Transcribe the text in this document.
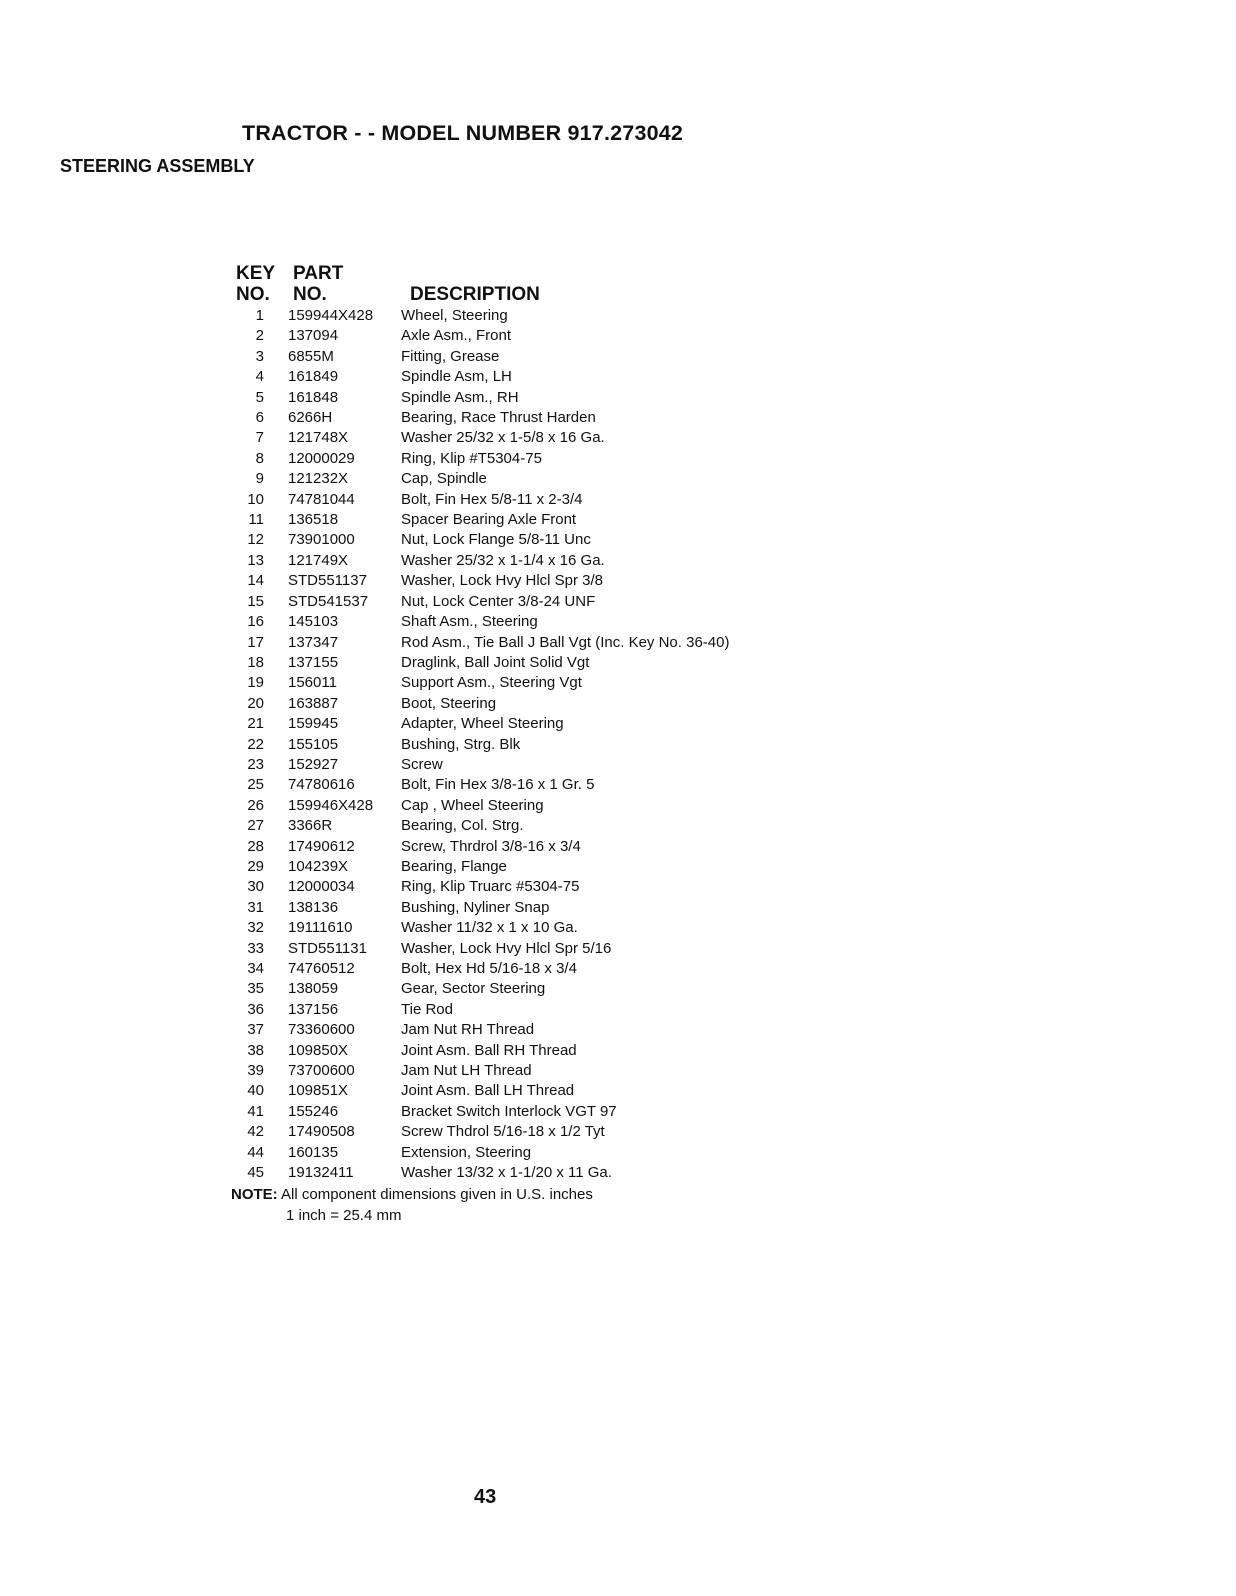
TRACTOR - - MODEL NUMBER 917.273042
STEERING ASSEMBLY
KEY PART
NO. NO.	DESCRIPTION
1 159944X428 Wheel, Steering
2 137094	Axle Asm., Front
3 6855M	Fitting, Grease
4 161849	Spindle Asm, LH
5 161848	Spindle Asm., RH
6 6266H	Bearing, Race Thrust Harden
7 121748X	Washer 25/32 x 1-5/8 x 16 Ga.
8 12000029	Ring, Klip #T5304-75
9 121232X	Cap, Spindle
10 74781044	Bolt, Fin Hex 5/8-11 x 2-3/4
11 136518	Spacer Bearing Axle Front
12 73901000	Nut, Lock Flange 5/8-11 Unc
13 121749X	Washer 25/32 x 1-1/4 x 16 Ga.
14 STD551137 Washer, Lock Hvy Hlcl Spr 3/8
15 STD541537 Nut, Lock Center 3/8-24 UNF
16 145103	Shaft Asm., Steering
17 137347	Rod Asm., Tie Ball J Ball Vgt (Inc. Key No. 36-40)
18 137155	Draglink, Ball Joint Solid Vgt
19 156011	Support Asm., Steering Vgt
20 163887	Boot, Steering
21 159945	Adapter, Wheel Steering
22 155105	Bushing, Strg. Blk
23 152927	Screw
25 74780616	Bolt, Fin Hex 3/8-16 x 1 Gr. 5
26 159946X428 Cap , Wheel Steering
27 3366R	Bearing, Col. Strg.
28 17490612	Screw, Thrdrol 3/8-16 x 3/4
29 104239X	Bearing, Flange
30 12000034	Ring, Klip Truarc #5304-75
31 138136	Bushing, Nyliner Snap
32 19111610	Washer 11/32 x 1 x 10 Ga.
33 STD551131 Washer, Lock Hvy Hlcl Spr 5/16
34 74760512	Bolt, Hex Hd 5/16-18 x 3/4
35 138059	Gear, Sector Steering
36 137156	Tie Rod
37 73360600	Jam Nut RH Thread
38 109850X	Joint Asm. Ball RH Thread
39 73700600	Jam Nut LH Thread
40 109851X	Joint Asm. Ball LH Thread
41 155246	Bracket Switch Interlock VGT 97
42 17490508	Screw Thdrol 5/16-18 x 1/2 Tyt
44 160135	Extension, Steering
45 19132411	Washer 13/32 x 1-1/20 x 11 Ga.
NOTE: All component dimensions given in U.S. inches
1 inch = 25.4 mm
43
